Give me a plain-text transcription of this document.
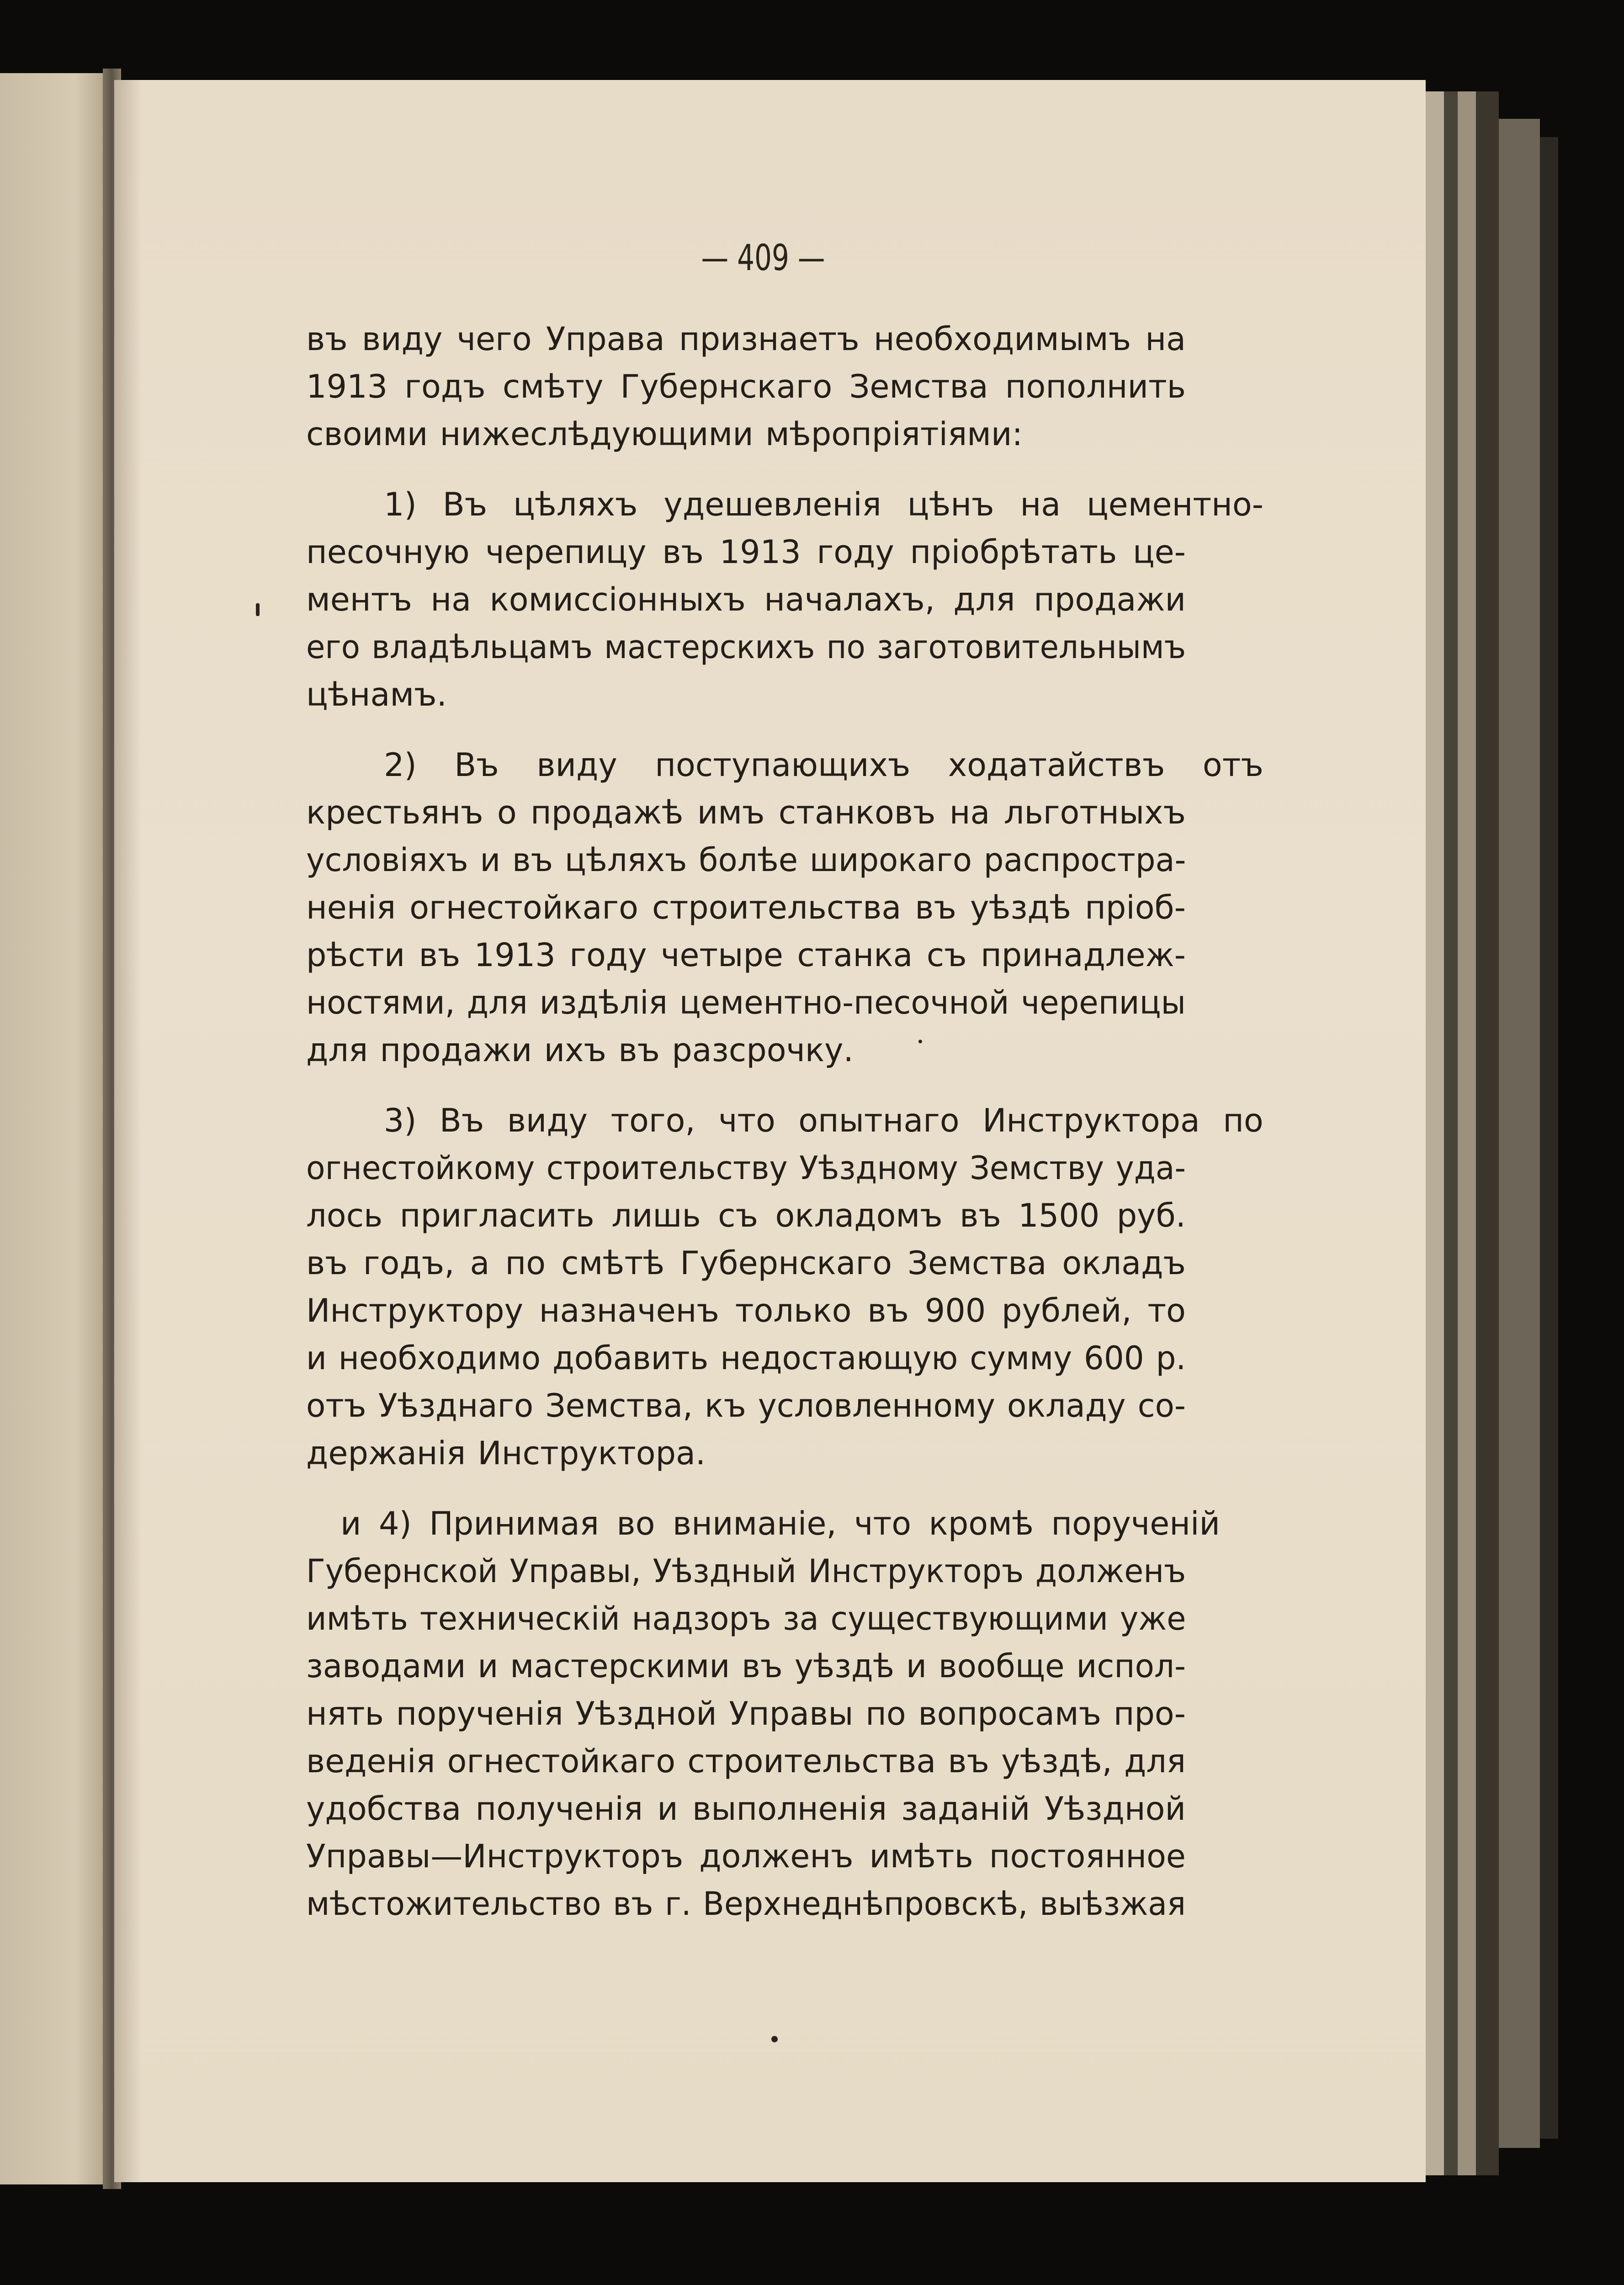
— 409 —
въ виду чего Управа признаетъ необходимымъ на
1913 годъ смѣту Губернскаго Земства пополнить
своими нижеслѣдующими мѣропріятіями:
1) Въ цѣляхъ удешевленія цѣнъ на цементно-
песочную черепицу въ 1913 году пріобрѣтать це-
ментъ на комиссіонныхъ началахъ, для продажи
его владѣльцамъ мастерскихъ по заготовительнымъ
цѣнамъ.
2) Въ виду поступающихъ ходатайствъ отъ
крестьянъ о продажѣ имъ станковъ на льготныхъ
условіяхъ и въ цѣляхъ болѣе широкаго распростра-
ненія огнестойкаго строительства въ уѣздѣ пріоб-
рѣсти въ 1913 году четыре станка съ принадлеж-
ностями, для издѣлія цементно-песочной черепицы
для продажи ихъ въ разсрочку.
3) Въ виду того, что опытнаго Инструктора по
огнестойкому строительству Уѣздному Земству уда-
лось пригласить лишь съ окладомъ въ 1500 руб.
въ годъ, а по смѣтѣ Губернскаго Земства окладъ
Инструктору назначенъ только въ 900 рублей, то
и необходимо добавить недостающую сумму 600 р.
отъ Уѣзднаго Земства, къ условленному окладу со-
держанія Инструктора.
и 4) Принимая во вниманіе, что кромѣ порученій
Губернской Управы, Уѣздный Инструкторъ долженъ
имѣть техническій надзоръ за существующими уже
заводами и мастерскими въ уѣздѣ и вообще испол-
нять порученія Уѣздной Управы по вопросамъ про-
веденія огнестойкаго строительства въ уѣздѣ, для
удобства полученія и выполненія заданій Уѣздной
Управы—Инструкторъ долженъ имѣть постоянное
мѣстожительство въ г. Верхнеднѣпровскѣ, выѣзжая
